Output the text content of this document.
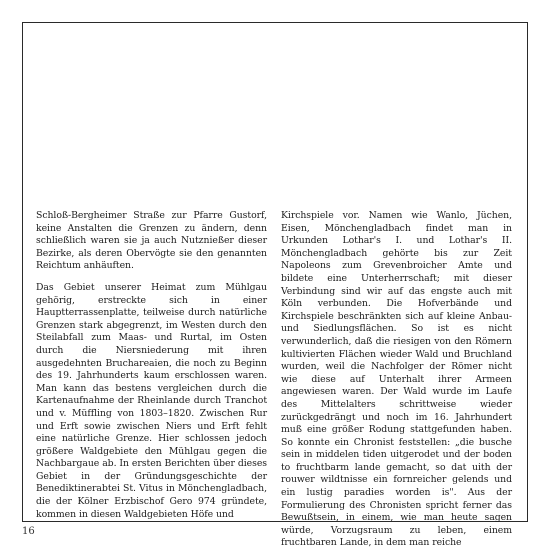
Schloß-Bergheimer Straße zur Pfarre Gustorf, keine Anstalten die Grenzen zu ändern, denn schließlich waren sie ja auch Nutznießer dieser Bezirke, als deren Obervögte sie den genannten Reichtum anhäuften.

Das Gebiet unserer Heimat zum Mühlgau gehörig, erstreckte sich in einer Hauptterrassenplatte, teilweise durch natürliche Grenzen stark abgegrenzt, im Westen durch den Steilabfall zum Maas- und Rurtal, im Osten durch die Niersniederung mit ihren ausgedehnten Bruchareaien, die noch zu Beginn des 19. Jahrhunderts kaum erschlossen waren. Man kann das bestens vergleichen durch die Kartenaufnahme der Rheinlande durch Tranchot und v. Müffling von 1803–1820. Zwischen Rur und Erft sowie zwischen Niers und Erft fehlt eine natürliche Grenze. Hier schlossen jedoch größere Waldgebiete den Mühlgau gegen die Nachbargaue ab. In ersten Berichten über dieses Gebiet in der Gründungsgeschichte der Benediktinerabtei St. Vitus in Mönchengladbach, die der Kölner Erzbischof Gero 974 gründete, kommen in diesen Waldgebieten Höfe und

Kirchspiele vor. Namen wie Wanlo, Jüchen, Eisen, Mönchengladbach findet man in Urkunden Lothar's I. und Lothar's II. Mönchengladbach gehörte bis zur Zeit Napoleons zum Grevenbroicher Amte und bildete eine Unterherrschaft; mit dieser Verbindung sind wir auf das engste auch mit Köln verbunden. Die Hofverbände und Kirchspiele beschränkten sich auf kleine Anbau- und Siedlungsflächen. So ist es nicht verwunderlich, daß die riesigen von den Römern kultivierten Flächen wieder Wald und Bruchland wurden, weil die Nachfolger der Römer nicht wie diese auf Unterhalt ihrer Armeen angewiesen waren. Der Wald wurde im Laufe des Mittelalters schrittweise wieder zurückgedrängt und noch im 16. Jahrhundert muß eine größer Rodung stattgefunden haben. So konnte ein Chronist feststellen: „die busche sein in middelen tiden uitgerodet und der boden to fruchtbarm lande gemacht, so dat uith der rouwer wildtnisse ein fornreicher gelends und ein lustig paradies worden is". Aus der Formulierung des Chronisten spricht ferner das Bewußtsein, in einem, wie man heute sagen würde, Vorzugsraum zu leben, einem fruchtbaren Lande, in dem man reiche

16
